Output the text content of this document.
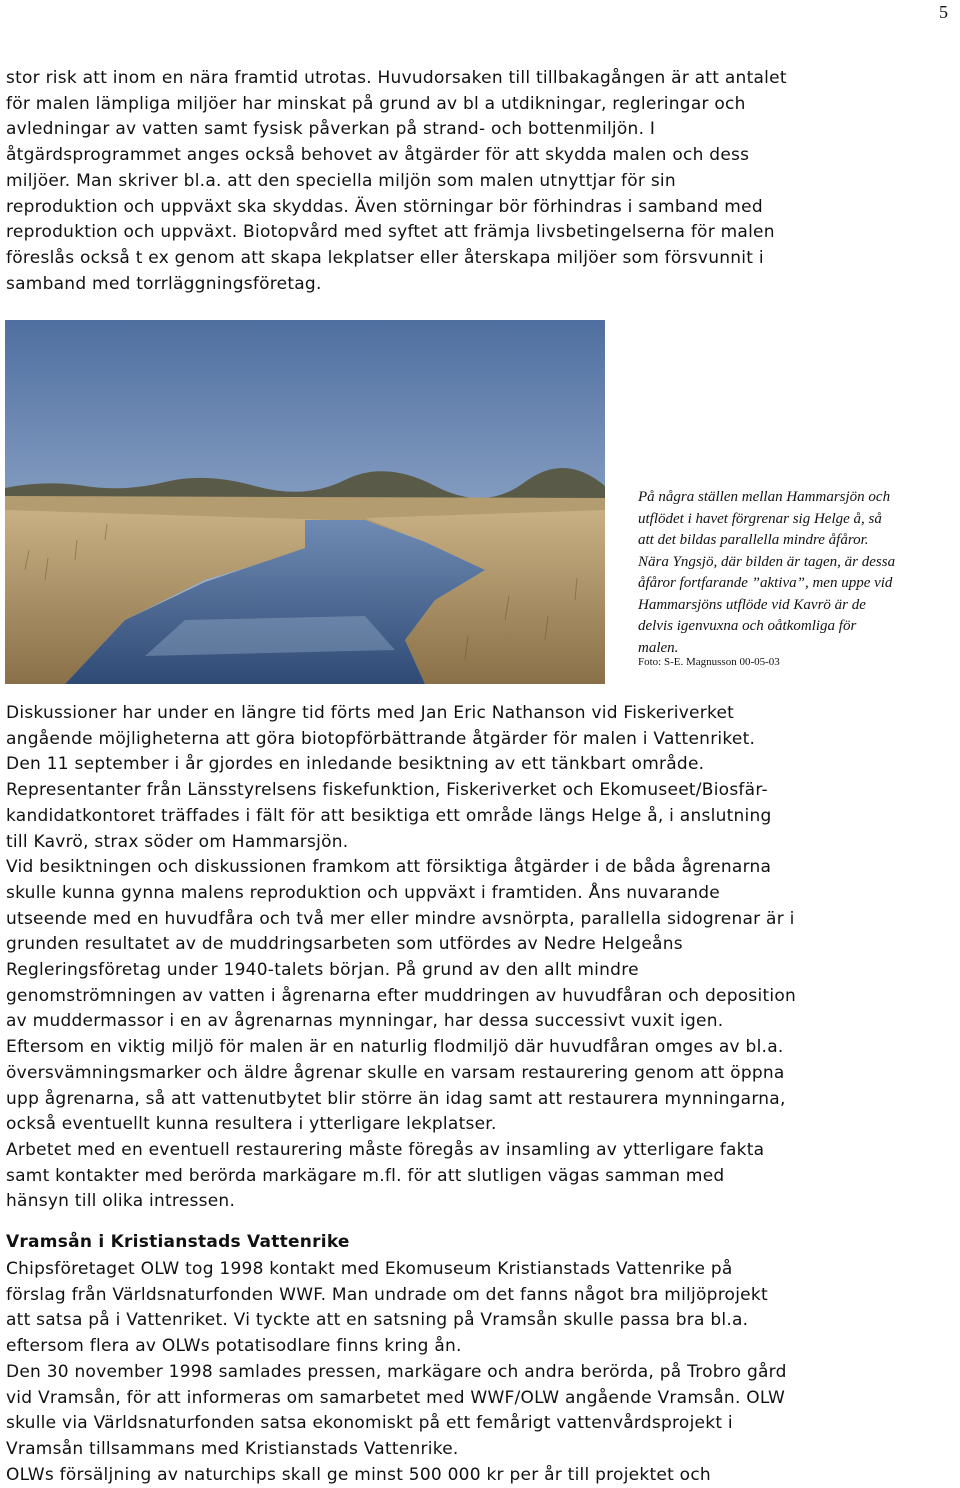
5

stor risk att inom en nära framtid utrotas. Huvudorsaken till tillbakagången är att antalet
för malen lämpliga miljöer har minskat på grund av bl a utdikningar, regleringar och
avledningar av vatten samt fysisk påverkan på strand- och bottenmiljön. I
åtgärdsprogrammet anges också behovet av åtgärder för att skydda malen och dess
miljöer. Man skriver bl.a. att den speciella miljön som malen utnyttjar för sin
reproduktion och uppväxt ska skyddas. Även störningar bör förhindras i samband med
reproduktion och uppväxt. Biotopvård med syftet att främja livsbetingelserna för malen
föreslås också t ex genom att skapa lekplatser eller återskapa miljöer som försvunnit i
samband med torrläggningsföretag.

På några ställen mellan Hammarsjön och
utflödet i havet förgrenar sig Helge å, så
att det bildas parallella mindre åfåror.
Nära Yngsjö, där bilden är tagen, är dessa
åfåror fortfarande ”aktiva”, men uppe vid
Hammarsjöns utflöde vid Kavrö är de
delvis igenvuxna och oåtkomliga för
malen.
Foto: S-E. Magnusson 00-05-03

Diskussioner har under en längre tid förts med Jan Eric Nathanson vid Fiskeriverket
angående möjligheterna att göra biotopförbättrande åtgärder för malen i Vattenriket.
Den 11 september i år gjordes en inledande besiktning av ett tänkbart område.
Representanter från Länsstyrelsens fiskefunktion, Fiskeriverket och Ekomuseet/Biosfär-
kandidatkontoret träffades i fält för att besiktiga ett område längs Helge å, i anslutning
till Kavrö, strax söder om Hammarsjön.
Vid besiktningen och diskussionen framkom att försiktiga åtgärder i de båda ågrenarna
skulle kunna gynna malens reproduktion och uppväxt i framtiden. Åns nuvarande
utseende med en huvudfåra och två mer eller mindre avsnörpta, parallella sidogrenar är i
grunden resultatet av de muddringsarbeten som utfördes av Nedre Helgeåns
Regleringsföretag under 1940-talets början. På grund av den allt mindre
genomströmningen av vatten i ågrenarna efter muddringen av huvudfåran och deposition
av muddermassor i en av ågrenarnas mynningar, har dessa successivt vuxit igen.
Eftersom en viktig miljö för malen är en naturlig flodmiljö där huvudfåran omges av bl.a.
översvämningsmarker och äldre ågrenar skulle en varsam restaurering genom att öppna
upp ågrenarna, så att vattenutbytet blir större än idag samt att restaurera mynningarna,
också eventuellt kunna resultera i ytterligare lekplatser.
Arbetet med en eventuell restaurering måste föregås av insamling av ytterligare fakta
samt kontakter med berörda markägare m.fl. för att slutligen vägas samman med
hänsyn till olika intressen.

Vramsån i Kristianstads Vattenrike

Chipsföretaget OLW tog 1998 kontakt med Ekomuseum Kristianstads Vattenrike på
förslag från Världsnaturfonden WWF. Man undrade om det fanns något bra miljöprojekt
att satsa på i Vattenriket. Vi tyckte att en satsning på Vramsån skulle passa bra bl.a.
eftersom flera av OLWs potatisodlare finns kring ån.
Den 30 november 1998 samlades pressen, markägare och andra berörda, på Trobro gård
vid Vramsån, för att informeras om samarbetet med WWF/OLW angående Vramsån. OLW
skulle via Världsnaturfonden satsa ekonomiskt på ett femårigt vattenvårdsprojekt i
Vramsån tillsammans med Kristianstads Vattenrike.
OLWs försäljning av naturchips skall ge minst 500 000 kr per år till projektet och
